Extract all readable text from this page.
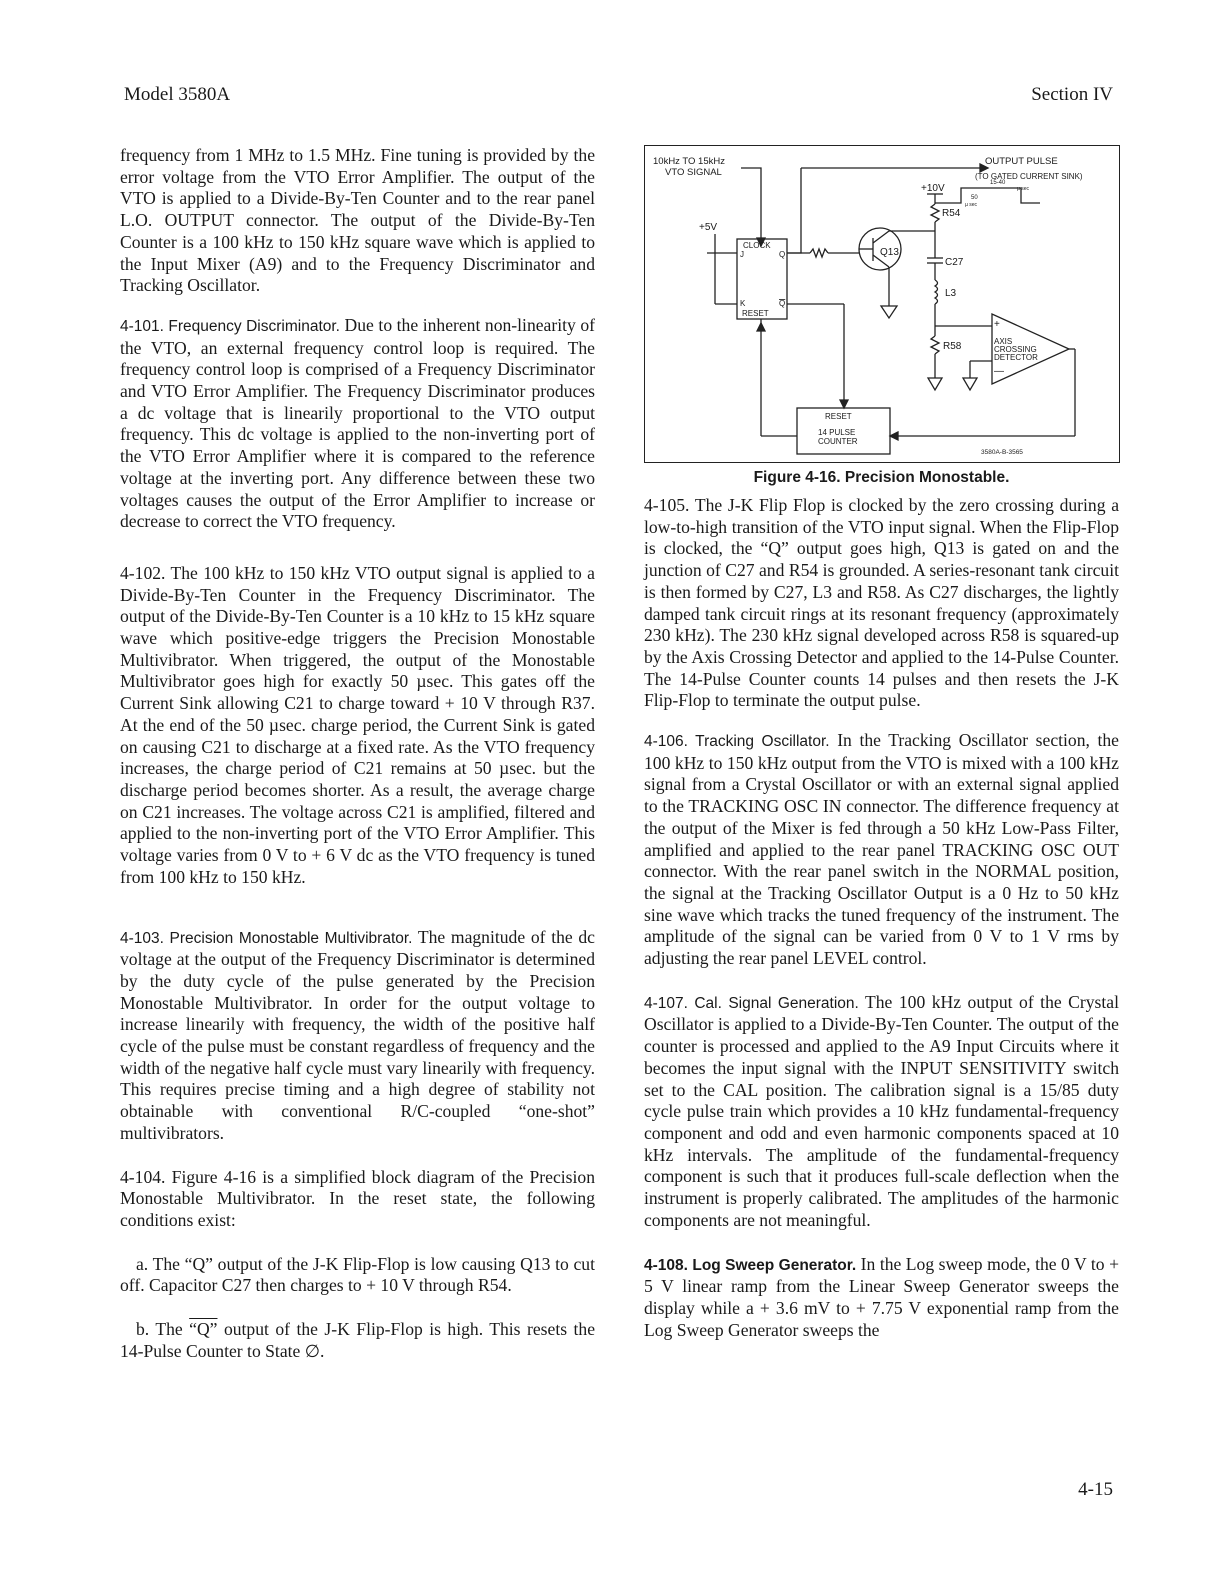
Model 3580A	Section IV

frequency from 1 MHz to 1.5 MHz. Fine tuning is provided by the error voltage from the VTO Error Amplifier. The output of the VTO is applied to a Divide-By-Ten Counter and to the rear panel L.O. OUTPUT connector. The output of the Divide-By-Ten Counter is a 100 kHz to 150 kHz square wave which is applied to the Input Mixer (A9) and to the Frequency Discriminator and Tracking Oscillator.

4-101. Frequency Discriminator. Due to the inherent non-linearity of the VTO, an external frequency control loop is required. The frequency control loop is comprised of a Frequency Discriminator and VTO Error Amplifier. The Frequency Discriminator produces a dc voltage that is linearily proportional to the VTO output frequency. This dc voltage is applied to the non-inverting port of the VTO Error Amplifier where it is compared to the reference voltage at the inverting port. Any difference between these two voltages causes the output of the Error Amplifier to increase or decrease to correct the VTO frequency.

4-102. The 100 kHz to 150 kHz VTO output signal is applied to a Divide-By-Ten Counter in the Frequency Discriminator. The output of the Divide-By-Ten Counter is a 10 kHz to 15 kHz square wave which positive-edge triggers the Precision Monostable Multivibrator. When triggered, the output of the Monostable Multivibrator goes high for exactly 50 µsec. This gates off the Current Sink allowing C21 to charge toward + 10 V through R37. At the end of the 50 µsec. charge period, the Current Sink is gated on causing C21 to discharge at a fixed rate. As the VTO frequency increases, the charge period of C21 remains at 50 µsec. but the discharge period becomes shorter. As a result, the average charge on C21 increases. The voltage across C21 is amplified, filtered and applied to the non-inverting port of the VTO Error Amplifier. This voltage varies from 0 V to + 6 V dc as the VTO frequency is tuned from 100 kHz to 150 kHz.

4-103. Precision Monostable Multivibrator. The magnitude of the dc voltage at the output of the Frequency Discriminator is determined by the duty cycle of the pulse generated by the Precision Monostable Multivibrator. In order for the output voltage to increase linearily with frequency, the width of the positive half cycle of the pulse must be constant regardless of frequency and the width of the negative half cycle must vary linearily with frequency. This requires precise timing and a high degree of stability not obtainable with conventional R/C-coupled “one-shot” multivibrators.

4-104. Figure 4-16 is a simplified block diagram of the Precision Monostable Multivibrator. In the reset state, the following conditions exist:

a. The “Q” output of the J-K Flip-Flop is low causing Q13 to cut off. Capacitor C27 then charges to + 10 V through R54.

b. The “Q” output of the J-K Flip-Flop is high. This resets the 14-Pulse Counter to State ∅.

10kHz TO 15kHz
VTO SIGNAL
OUTPUT PULSE
(TO GATED CURRENT SINK)
+10V
R54
15-40
µ sec
50
µ sec
+5V
CLOCK
J	Q
K	Q
RESET
Q13
C27
L3
R58
+
—
AXIS
CROSSING
DETECTOR
RESET
14 PULSE
COUNTER
3580A-B-3565
Figure 4-16. Precision Monostable.

4-105. The J-K Flip Flop is clocked by the zero crossing during a low-to-high transition of the VTO input signal. When the Flip-Flop is clocked, the “Q” output goes high, Q13 is gated on and the junction of C27 and R54 is grounded. A series-resonant tank circuit is then formed by C27, L3 and R58. As C27 discharges, the lightly damped tank circuit rings at its resonant frequency (approximately 230 kHz). The 230 kHz signal developed across R58 is squared-up by the Axis Crossing Detector and applied to the 14-Pulse Counter. The 14-Pulse Counter counts 14 pulses and then resets the J-K Flip-Flop to terminate the output pulse.

4-106. Tracking Oscillator. In the Tracking Oscillator section, the 100 kHz to 150 kHz output from the VTO is mixed with a 100 kHz signal from a Crystal Oscillator or with an external signal applied to the TRACKING OSC IN connector. The difference frequency at the output of the Mixer is fed through a 50 kHz Low-Pass Filter, amplified and applied to the rear panel TRACKING OSC OUT connector. With the rear panel switch in the NORMAL position, the signal at the Tracking Oscillator Output is a 0 Hz to 50 kHz sine wave which tracks the tuned frequency of the instrument. The amplitude of the signal can be varied from 0 V to 1 V rms by adjusting the rear panel LEVEL control.

4-107. Cal. Signal Generation. The 100 kHz output of the Crystal Oscillator is applied to a Divide-By-Ten Counter. The output of the counter is processed and applied to the A9 Input Circuits where it becomes the input signal with the INPUT SENSITIVITY switch set to the CAL position. The calibration signal is a 15/85 duty cycle pulse train which provides a 10 kHz fundamental-frequency component and odd and even harmonic components spaced at 10 kHz intervals. The amplitude of the fundamental-frequency component is such that it produces full-scale deflection when the instrument is properly calibrated. The amplitudes of the harmonic components are not meaningful.

4-108. Log Sweep Generator. In the Log sweep mode, the 0 V to + 5 V linear ramp from the Linear Sweep Generator sweeps the display while a + 3.6 mV to + 7.75 V exponential ramp from the Log Sweep Generator sweeps the

4-15
